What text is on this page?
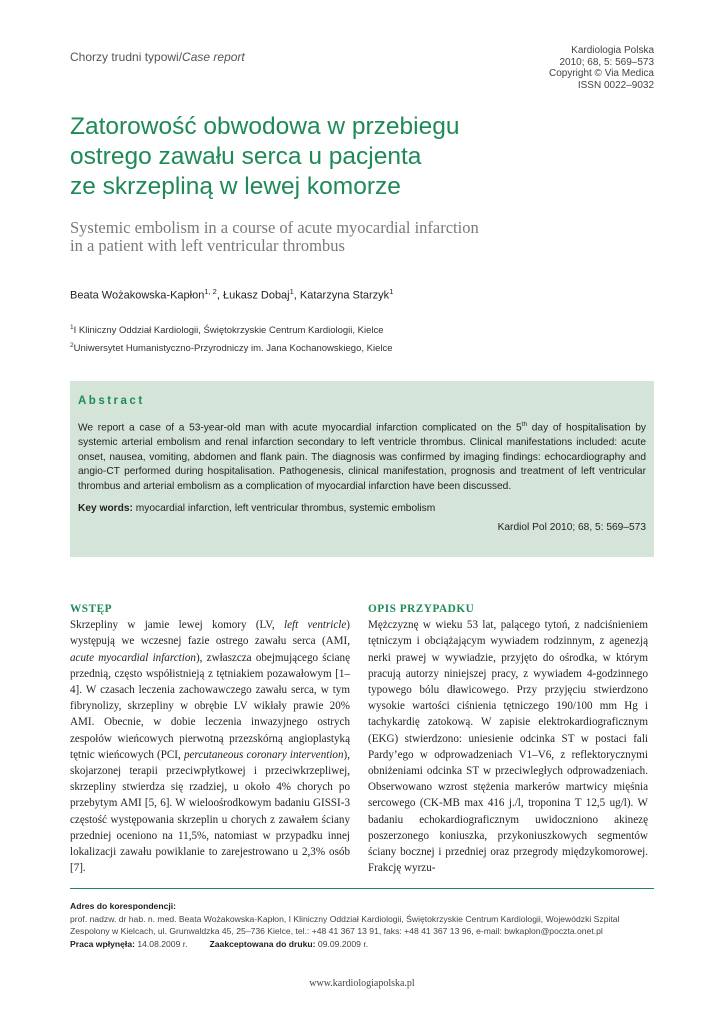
Chorzy trudni typowi/Case report	Kardiologia Polska
2010; 68, 5: 569–573
Copyright © Via Medica
ISSN 0022–9032
Zatorowość obwodowa w przebiegu
ostrego zawału serca u pacjenta
ze skrzepliną w lewej komorze
Systemic embolism in a course of acute myocardial infarction
in a patient with left ventricular thrombus
Beata Wożakowska-Kapłon$^{1, 2}$, Łukasz Dobaj$^1$, Katarzyna Starzyk$^1$
$^1$I Kliniczny Oddział Kardiologii, Świętokrzyskie Centrum Kardiologii, Kielce
$^2$Uniwersytet Humanistyczno-Przyrodniczy im. Jana Kochanowskiego, Kielce
Abstract
We report a case of a 53-year-old man with acute myocardial infarction complicated on the 5th day of hospitalisation by systemic arterial embolism and renal infarction secondary to left ventricle thrombus. Clinical manifestations included: acute onset, nausea, vomiting, abdomen and flank pain. The diagnosis was confirmed by imaging findings: echocardiography and angio-CT performed during hospitalisation. Pathogenesis, clinical manifestation, prognosis and treatment of left ventricular thrombus and arterial embolism as a complication of myocardial infarction have been discussed.
Key words: myocardial infarction, left ventricular thrombus, systemic embolism
Kardiol Pol 2010; 68, 5: 569–573
WSTĘP
Skrzepliny w jamie lewej komory (LV, left ventricle) występują we wczesnej fazie ostrego zawału serca (AMI, acute myocardial infarction), zwłaszcza obejmującego ścianę przednią, często współistnieją z tętniakiem pozawałowym [1–4]. W czasach leczenia zachowawczego zawału serca, w tym fibrynolizy, skrzepliny w obrębie LV wikłały prawie 20% AMI. Obecnie, w dobie leczenia inwazyjnego ostrych zespołów wieńcowych pierwotną przezskórną angioplastyką tętnic wieńcowych (PCI, percutaneous coronary intervention), skojarzonej terapii przeciwpłytkowej i przeciwkrzepliwej, skrzepliny stwierdza się rzadziej, u około 4% chorych po przebytym AMI [5, 6]. W wieloośrodkowym badaniu GISSI-3 częstość występowania skrzeplin u chorych z zawałem ściany przedniej oceniono na 11,5%, natomiast w przypadku innej lokalizacji zawału powiklanie to zarejestrowano u 2,3% osób [7].
OPIS PRZYPADKU
Mężczyznę w wieku 53 lat, palącego tytoń, z nadciśnieniem tętniczym i obciążającym wywiadem rodzinnym, z agenezją nerki prawej w wywiadzie, przyjęto do ośrodka, w którym pracują autorzy niniejszej pracy, z wywiadem 4-godzinnego typowego bólu dławicowego. Przy przyjęciu stwierdzono wysokie wartości ciśnienia tętniczego 190/100 mm Hg i tachykardię zatokową. W zapisie elektrokardiograficznym (EKG) stwierdzono: uniesienie odcinka ST w postaci fali Pardy’ego w odprowadzeniach V1–V6, z reflektorycznymi obniżeniami odcinka ST w przeciwległych odprowadzeniach. Obserwowano wzrost stężenia markerów martwicy mięśnia sercowego (CK-MB max 416 j./l, troponina T 12,5 ug/l). W badaniu echokardiograficznym uwidoczniono akinezę poszerzonego koniuszka, przykoniuszkowych segmentów ściany bocznej i przedniej oraz przegrody międzykomorowej. Frakcję wyrzu-
Adres do korespondencji:
prof. nadzw. dr hab. n. med. Beata Wożakowska-Kapłon, I Kliniczny Oddział Kardiologii, Świętokrzyskie Centrum Kardiologii, Wojewódzki Szpital
Zespolony w Kielcach, ul. Grunwaldzka 45, 25–736 Kielce, tel.: +48 41 367 13 91, faks: +48 41 367 13 96, e-mail: bwkaplon@poczta.onet.pl
Praca wpłynęła: 14.08.2009 r.	Zaakceptowana do druku: 09.09.2009 r.
www.kardiologiapolska.pl
